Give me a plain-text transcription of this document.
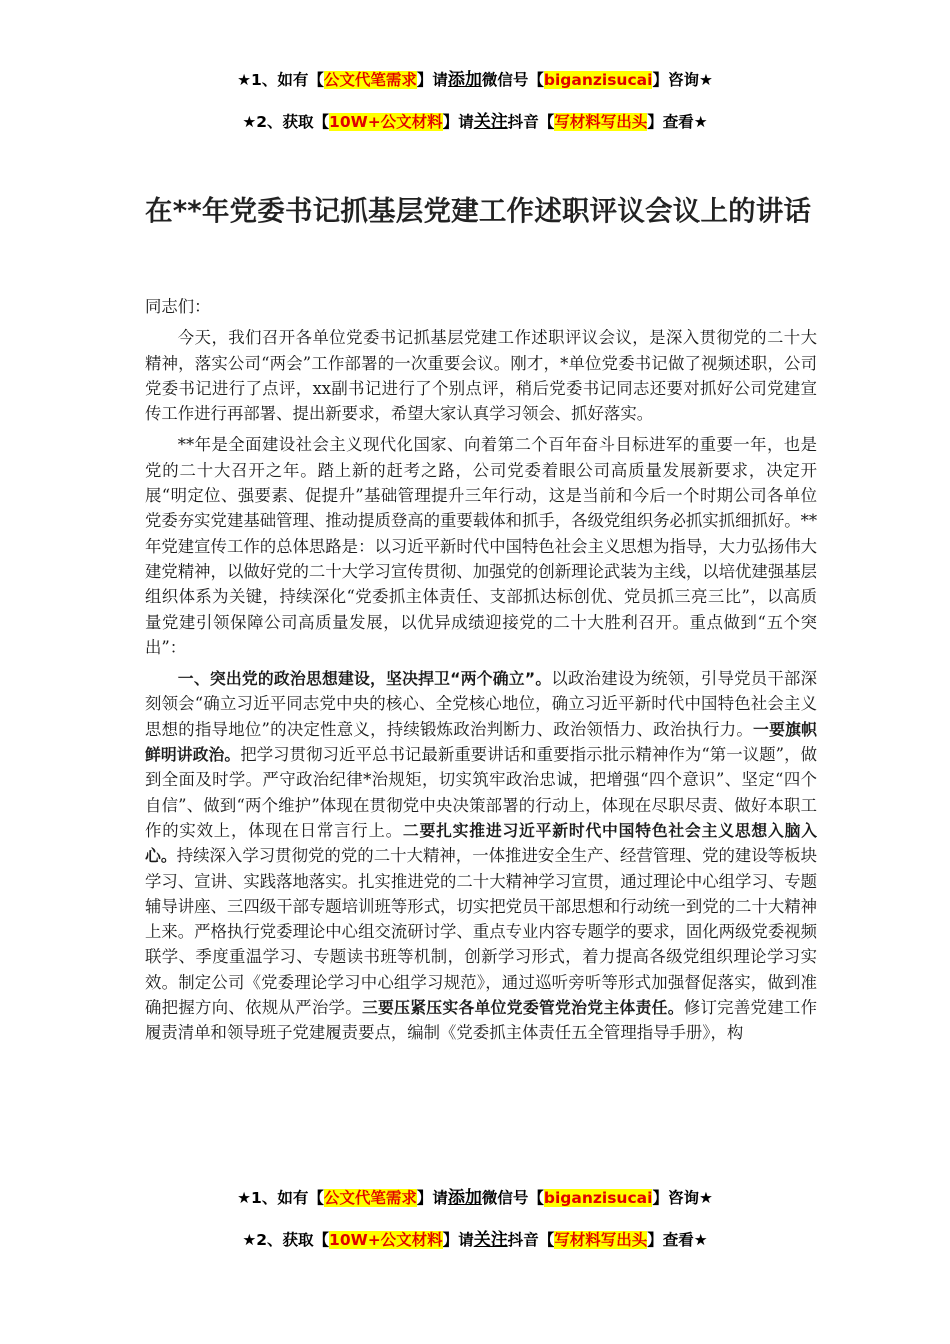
★1、如有【公文代笔需求】请添加微信号【biganzisucai】咨询★
★2、获取【10W+公文材料】请关注抖音【写材料写出头】查看★
在**年党委书记抓基层党建工作述职评议会议上的讲话

同志们：

今天，我们召开各单位党委书记抓基层党建工作述职评议会议，是深入贯彻党的二十大精神，落实公司“两会”工作部署的一次重要会议。刚才，*单位党委书记做了视频述职，公司党委书记进行了点评，xx副书记进行了个别点评，稍后党委书记同志还要对抓好公司党建宣传工作进行再部署、提出新要求，希望大家认真学习领会、抓好落实。

**年是全面建设社会主义现代化国家、向着第二个百年奋斗目标进军的重要一年，也是党的二十大召开之年。踏上新的赶考之路，公司党委着眼公司高质量发展新要求，决定开展“明定位、强要素、促提升”基础管理提升三年行动，这是当前和今后一个时期公司各单位党委夯实党建基础管理、推动提质登高的重要载体和抓手，各级党组织务必抓实抓细抓好。**年党建宣传工作的总体思路是：以习近平新时代中国特色社会主义思想为指导，大力弘扬伟大建党精神，以做好党的二十大学习宣传贯彻、加强党的创新理论武装为主线，以培优建强基层组织体系为关键，持续深化“党委抓主体责任、支部抓达标创优、党员抓三亮三比”，以高质量党建引领保障公司高质量发展，以优异成绩迎接党的二十大胜利召开。重点做到“五个突出”：

一、突出党的政治思想建设，坚决捍卫“两个确立”。以政治建设为统领，引导党员干部深刻领会“确立习近平同志党中央的核心、全党核心地位，确立习近平新时代中国特色社会主义思想的指导地位”的决定性意义，持续锻炼政治判断力、政治领悟力、政治执行力。一要旗帜鲜明讲政治。把学习贯彻习近平总书记最新重要讲话和重要指示批示精神作为“第一议题”，做到全面及时学。严守政治纪律*治规矩，切实筑牢政治忠诚，把增强“四个意识”、坚定“四个自信”、做到“两个维护”体现在贯彻党中央决策部署的行动上，体现在尽职尽责、做好本职工作的实效上，体现在日常言行上。二要扎实推进习近平新时代中国特色社会主义思想入脑入心。持续深入学习贯彻党的党的二十大精神，一体推进安全生产、经营管理、党的建设等板块学习、宣讲、实践落地落实。扎实推进党的二十大精神学习宣贯，通过理论中心组学习、专题辅导讲座、三四级干部专题培训班等形式，切实把党员干部思想和行动统一到党的二十大精神上来。严格执行党委理论中心组交流研讨学、重点专业内容专题学的要求，固化两级党委视频联学、季度重温学习、专题读书班等机制，创新学习形式，着力提高各级党组织理论学习实效。制定公司《党委理论学习中心组学习规范》，通过巡听旁听等形式加强督促落实，做到准确把握方向、依规从严治学。三要压紧压实各单位党委管党治党主体责任。修订完善党建工作履责清单和领导班子党建履责要点，编制《党委抓主体责任五全管理指导手册》，构

★1、如有【公文代笔需求】请添加微信号【biganzisucai】咨询★
★2、获取【10W+公文材料】请关注抖音【写材料写出头】查看★
